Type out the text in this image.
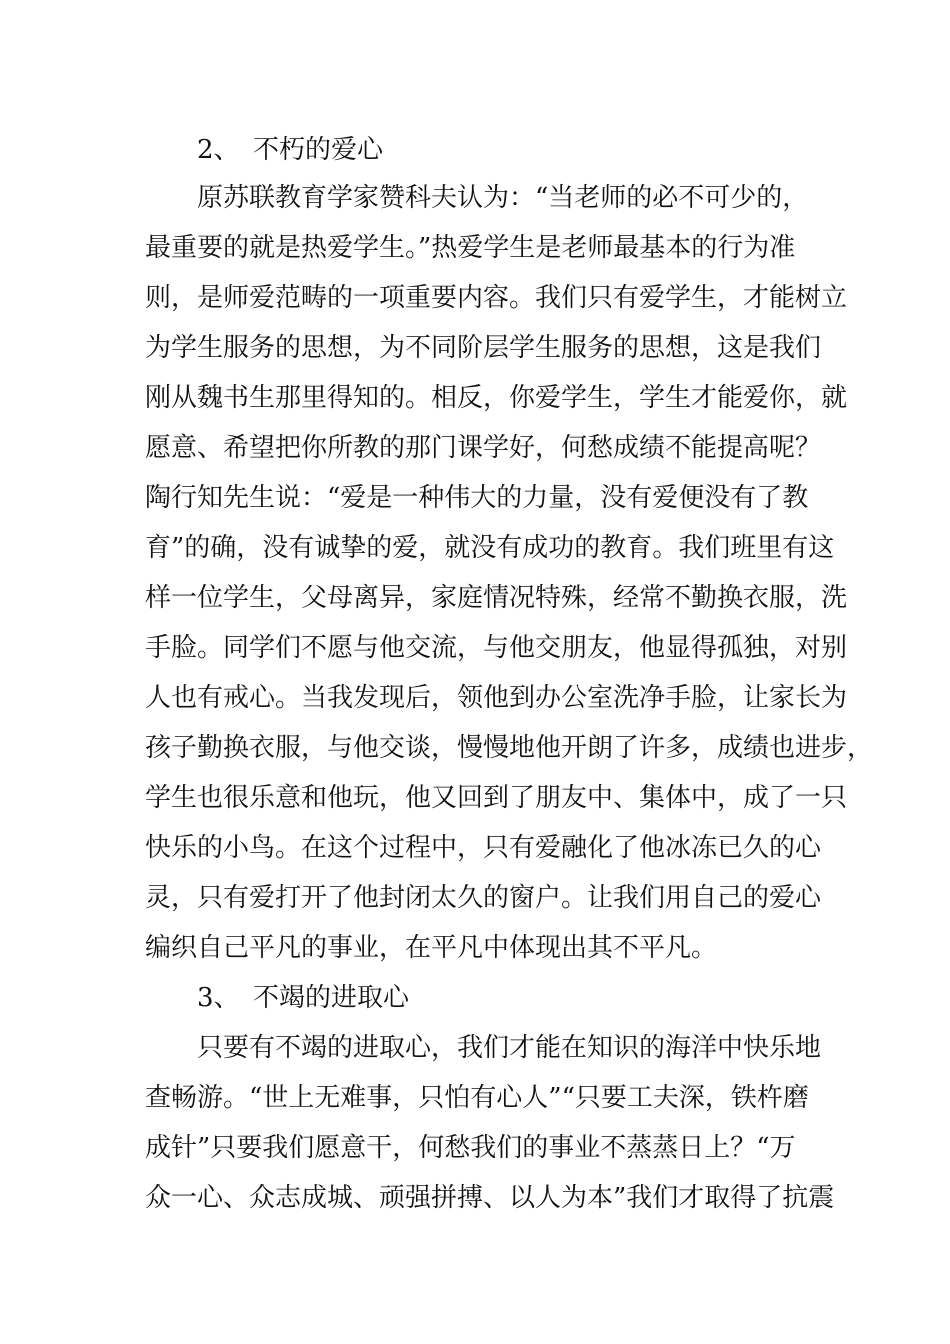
2、 不朽的爱心
原苏联教育学家赞科夫认为：“当老师的必不可少的，
最重要的就是热爱学生。”热爱学生是老师最基本的行为准
则，是师爱范畴的一项重要内容。我们只有爱学生，才能树立
为学生服务的思想，为不同阶层学生服务的思想，这是我们
刚从魏书生那里得知的。相反，你爱学生，学生才能爱你，就
愿意、希望把你所教的那门课学好，何愁成绩不能提高呢？
陶行知先生说：“爱是一种伟大的力量，没有爱便没有了教
育”的确，没有诚挚的爱，就没有成功的教育。我们班里有这
样一位学生，父母离异，家庭情况特殊，经常不勤换衣服，洗
手脸。同学们不愿与他交流，与他交朋友，他显得孤独，对别
人也有戒心。当我发现后，领他到办公室洗净手脸，让家长为
孩子勤换衣服，与他交谈，慢慢地他开朗了许多，成绩也进步，
学生也很乐意和他玩，他又回到了朋友中、集体中，成了一只
快乐的小鸟。在这个过程中，只有爱融化了他冰冻已久的心
灵，只有爱打开了他封闭太久的窗户。让我们用自己的爱心
编织自己平凡的事业，在平凡中体现出其不平凡。
3、 不竭的进取心
只要有不竭的进取心，我们才能在知识的海洋中快乐地
查畅游。“世上无难事，只怕有心人”“只要工夫深，铁杵磨
成针”只要我们愿意干，何愁我们的事业不蒸蒸日上？“万
众一心、众志成城、顽强拼搏、以人为本”我们才取得了抗震
